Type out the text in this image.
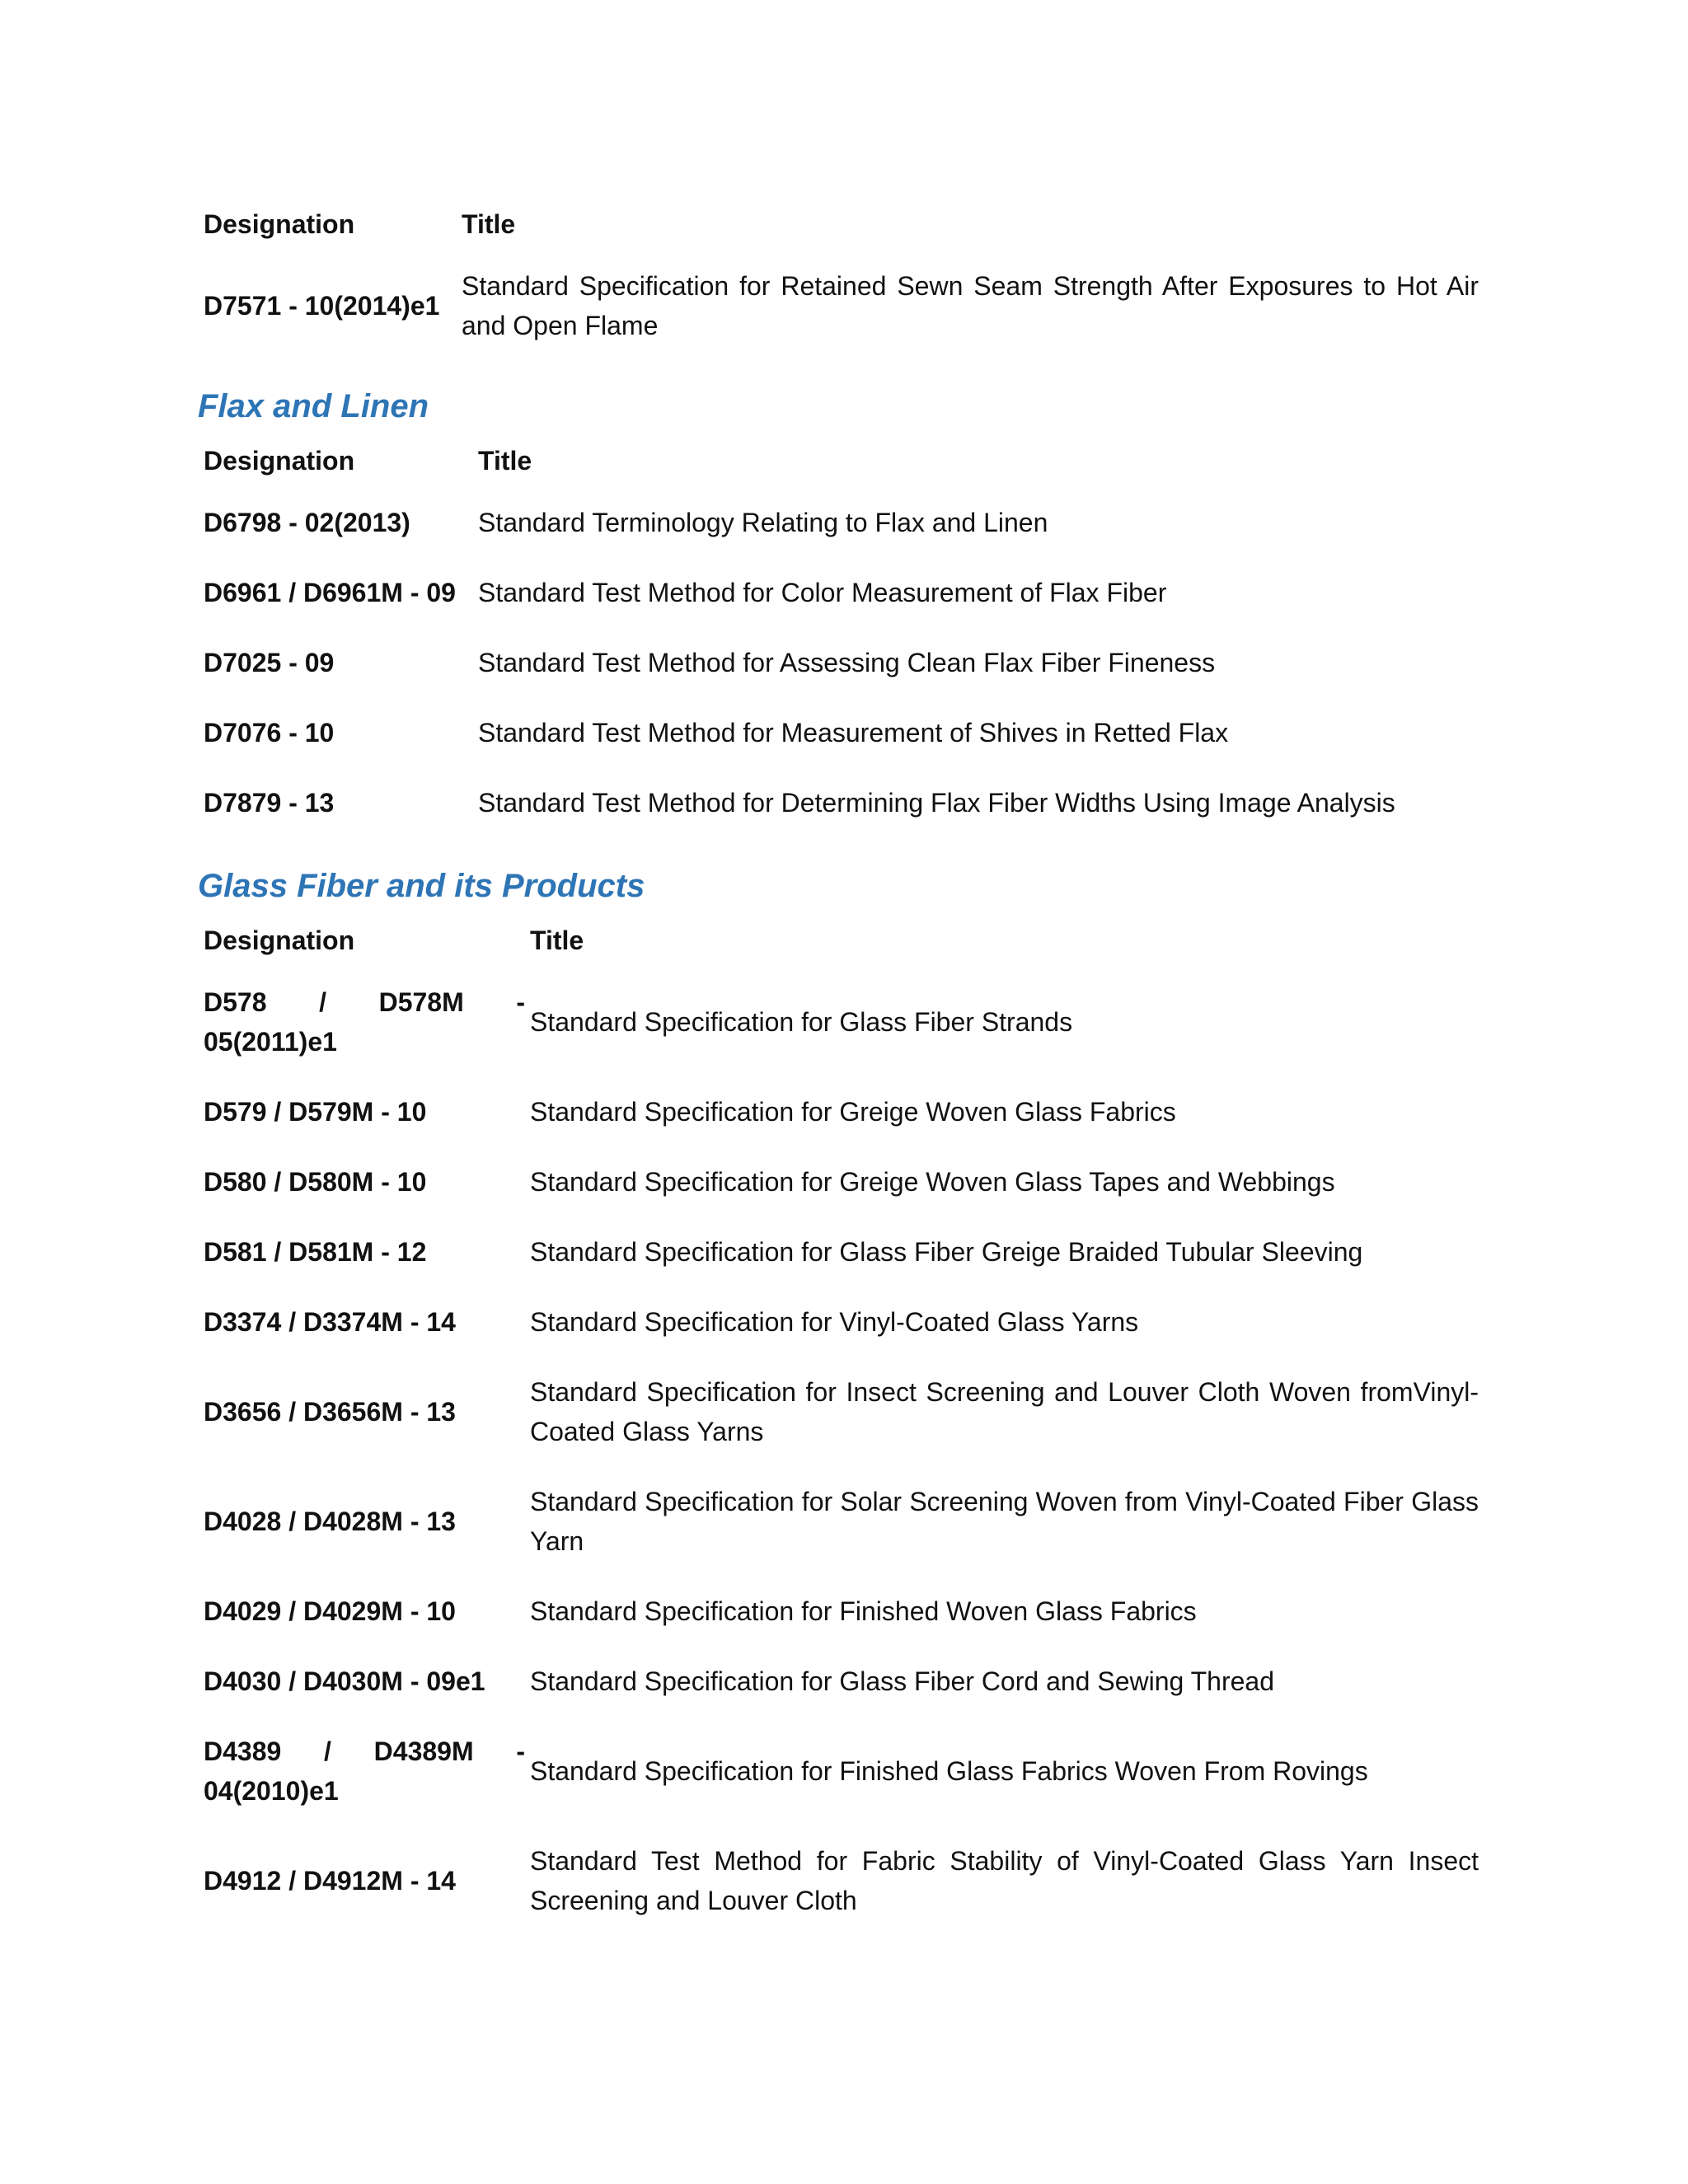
Designation	Title
D7571 - 10(2014)e1	Standard Specification for Retained Sewn Seam Strength After Exposures to Hot Air and Open Flame
Flax and Linen
Designation	Title
D6798 - 02(2013)	Standard Terminology Relating to Flax and Linen
D6961 / D6961M - 09	Standard Test Method for Color Measurement of Flax Fiber
D7025 - 09	Standard Test Method for Assessing Clean Flax Fiber Fineness
D7076 - 10	Standard Test Method for Measurement of Shives in Retted Flax
D7879 - 13	Standard Test Method for Determining Flax Fiber Widths Using Image Analysis
Glass Fiber and its Products
Designation	Title
D578 / D578M -
05(2011)e1	Standard Specification for Glass Fiber Strands
D579 / D579M - 10	Standard Specification for Greige Woven Glass Fabrics
D580 / D580M - 10	Standard Specification for Greige Woven Glass Tapes and Webbings
D581 / D581M - 12	Standard Specification for Glass Fiber Greige Braided Tubular Sleeving
D3374 / D3374M - 14	Standard Specification for Vinyl-Coated Glass Yarns
D3656 / D3656M - 13	Standard Specification for Insect Screening and Louver Cloth Woven fromVinyl-Coated Glass Yarns
D4028 / D4028M - 13	Standard Specification for Solar Screening Woven from Vinyl-Coated Fiber Glass Yarn
D4029 / D4029M - 10	Standard Specification for Finished Woven Glass Fabrics
D4030 / D4030M - 09e1	Standard Specification for Glass Fiber Cord and Sewing Thread
D4389 / D4389M -
04(2010)e1	Standard Specification for Finished Glass Fabrics Woven From Rovings
D4912 / D4912M - 14	Standard Test Method for Fabric Stability of Vinyl-Coated Glass Yarn Insect Screening and Louver Cloth
